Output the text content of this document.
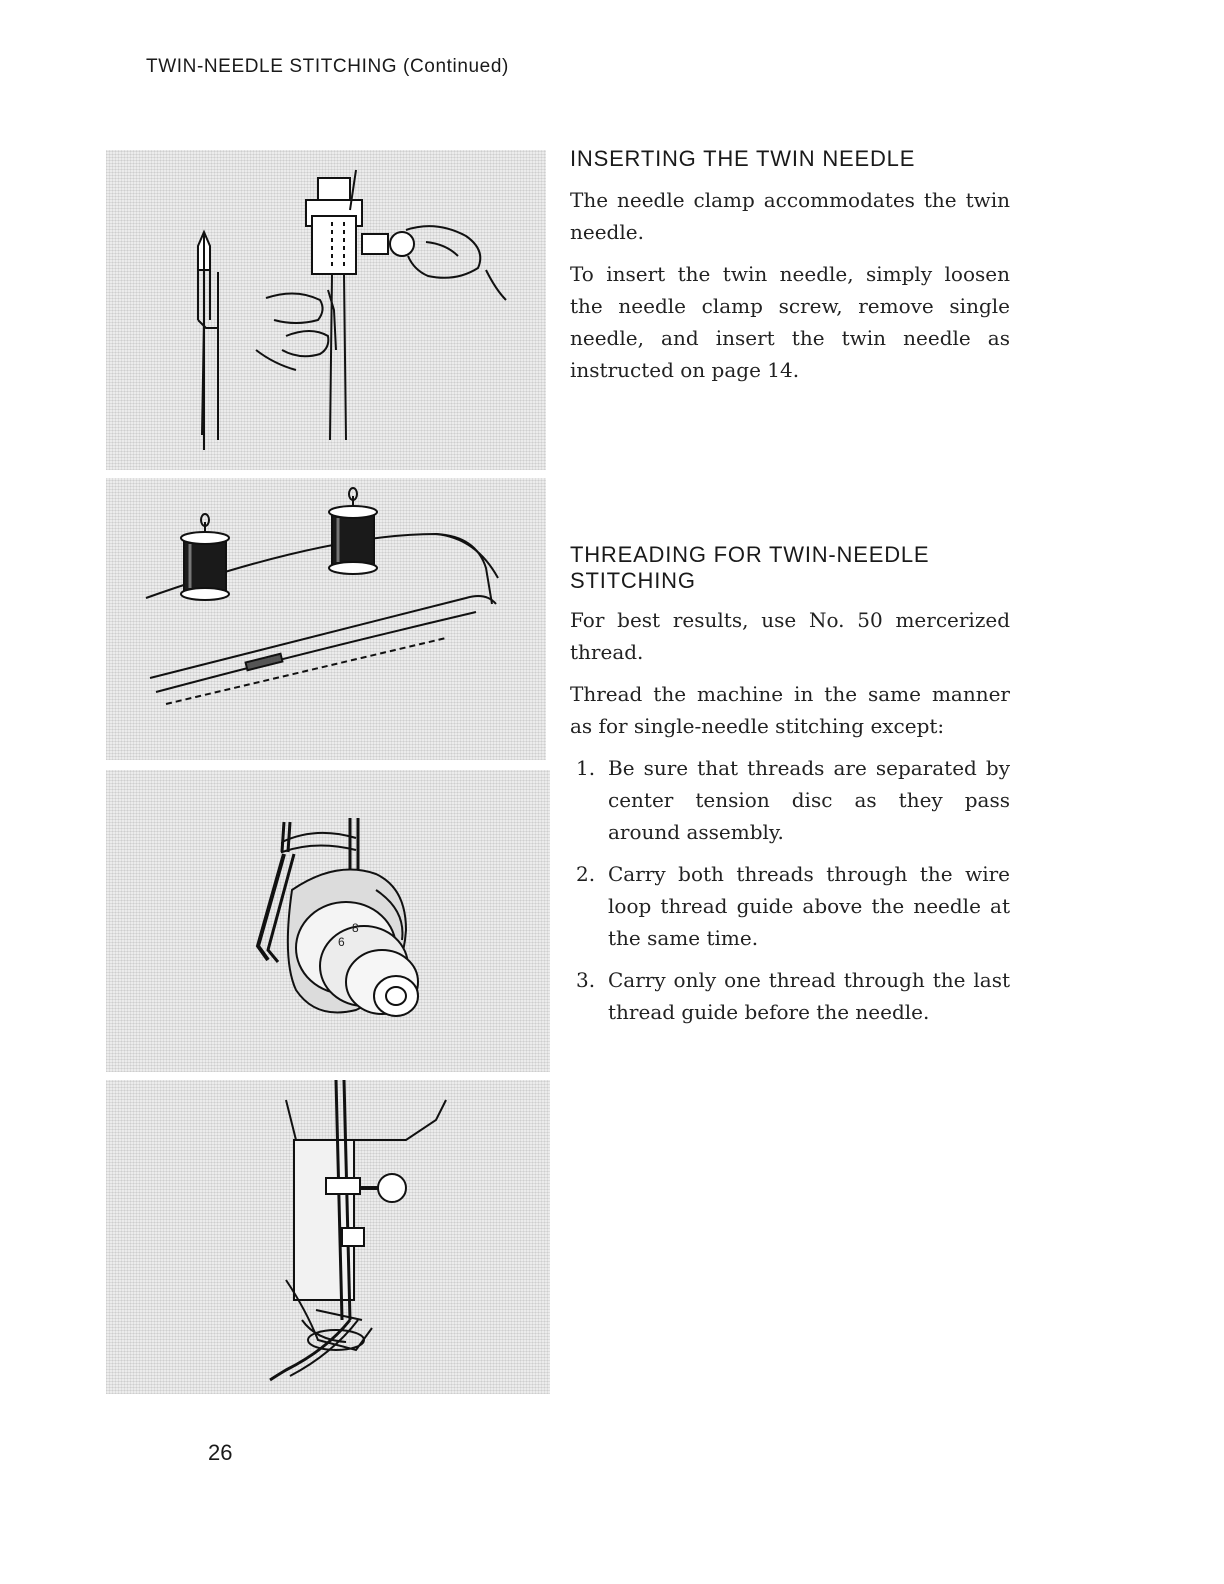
TWIN-NEEDLE STITCHING (Continued)
6
8
INSERTING THE TWIN NEEDLE

The needle clamp accommodates the twin needle.

To insert the twin needle, simply loosen the needle clamp screw, remove single needle, and insert the twin needle as instructed on page 14.

THREADING FOR TWIN-NEEDLE
STITCHING

For best results, use No. 50 mercerized thread.

Thread the machine in the same manner as for single-needle stitching except:

1. Be sure that threads are separated by center tension disc as they pass around assembly.
2. Carry both threads through the wire loop thread guide above the needle at the same time.
3. Carry only one thread through the last thread guide before the needle.
26
